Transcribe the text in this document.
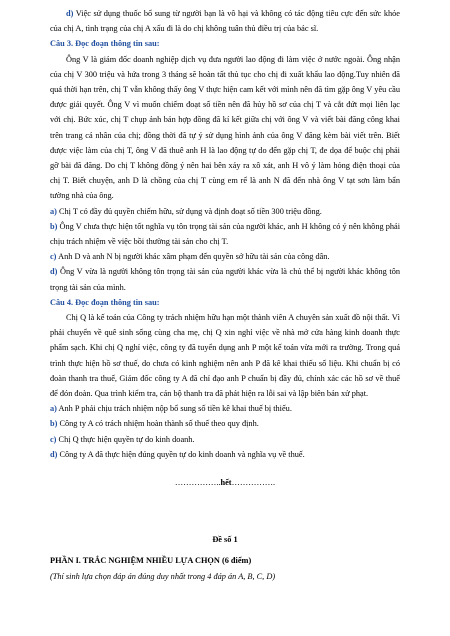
d) Việc sử dụng thuốc bổ sung từ người bạn là vô hại và không có tác động tiêu cực đến sức khỏe của chị A, tình trạng của chị A xấu đi là do chị không tuân thủ điều trị của bác sĩ.

Câu 3. Đọc đoạn thông tin sau:

Ông V là giám đốc doanh nghiệp dịch vụ đưa người lao động đi làm việc ở nước ngoài. Ông nhận của chị V 300 triệu và hứa trong 3 tháng sẽ hoàn tất thủ tục cho chị đi xuất khẩu lao động.Tuy nhiên đã quá thời hạn trên, chị T vẫn không thấy ông V thực hiện cam kết với mình nên đã tìm gặp ông V yêu cầu được giải quyết. Ông V vì muốn chiếm đoạt số tiền nên đã hủy hồ sơ của chị T và cắt đứt mọi liên lạc với chị. Bức xúc, chị T chụp ảnh bản hợp đồng đã kí kết giữa chị với ông V và viết bài đăng công khai trên trang cá nhân của chị; đồng thời đã tự ý sử dụng hình ảnh của ông V đăng kèm bài viết trên. Biết được việc làm của chị T, ông V đã thuê anh H là lao động tự do đến gặp chị T, đe dọa để buộc chị phải gỡ bài đã đăng. Do chị T không đồng ý nên hai bên xảy ra xô xát, anh H vô ý làm hỏng điện thoại của chị T. Biết chuyện, anh D là chồng của chị T cùng em rể là anh N đã đến nhà ông V tạt sơn làm bẩn tường nhà của ông.

a) Chị T có đầy đủ quyền chiếm hữu, sử dụng và định đoạt số tiền 300 triệu đồng.

b) Ông V chưa thực hiện tốt nghĩa vụ tôn trọng tài sản của người khác, anh H không có ý nên không phải chịu trách nhiệm về việc bồi thường tài sản cho chị T.

c) Anh D và anh N bị người khác xâm phạm đến quyền sở hữu tài sản của công dân.

d) Ông V vừa là người không tôn trọng tài sản của người khác vừa là chủ thể bị người khác không tôn trọng tài sản của mình.

Câu 4. Đọc đoạn thông tin sau:

Chị Q là kế toán của Công ty trách nhiệm hữu hạn một thành viên A chuyên sản xuất đồ nội thất. Vì phải chuyển về quê sinh sống cùng cha mẹ, chị Q xin nghỉ việc về nhà mở cửa hàng kinh doanh thực phẩm sạch. Khi chị Q nghỉ việc, công ty đã tuyển dụng anh P một kế toán vừa mới ra trường. Trong quá trình thực hiện hồ sơ thuế, do chưa có kinh nghiệm nên anh P đã kê khai thiếu số liệu. Khi chuẩn bị có đoàn thanh tra thuế, Giám đốc công ty A đã chỉ đạo anh P chuẩn bị đầy đủ, chính xác các hồ sơ về thuế để đón đoàn. Qua trình kiểm tra, cán bộ thanh tra đã phát hiện ra lỗi sai và lập biên bản xử phạt.

a) Anh P phải chịu trách nhiệm nộp bổ sung số tiền kê khai thuế bị thiếu.

b) Công ty A có trách nhiệm hoàn thành số thuế theo quy định.

c) Chị Q thực hiện quyền tự do kinh doanh.

d) Công ty A đã thực hiện đúng quyền tự do kinh doanh và nghĩa vụ về thuế.

……………..hết…………….

Đề số 1
PHẦN I. TRẮC NGHIỆM NHIỀU LỰA CHỌN (6 điểm)
(Thí sinh lựa chọn đáp án đúng duy nhất trong 4 đáp án A, B, C, D)
